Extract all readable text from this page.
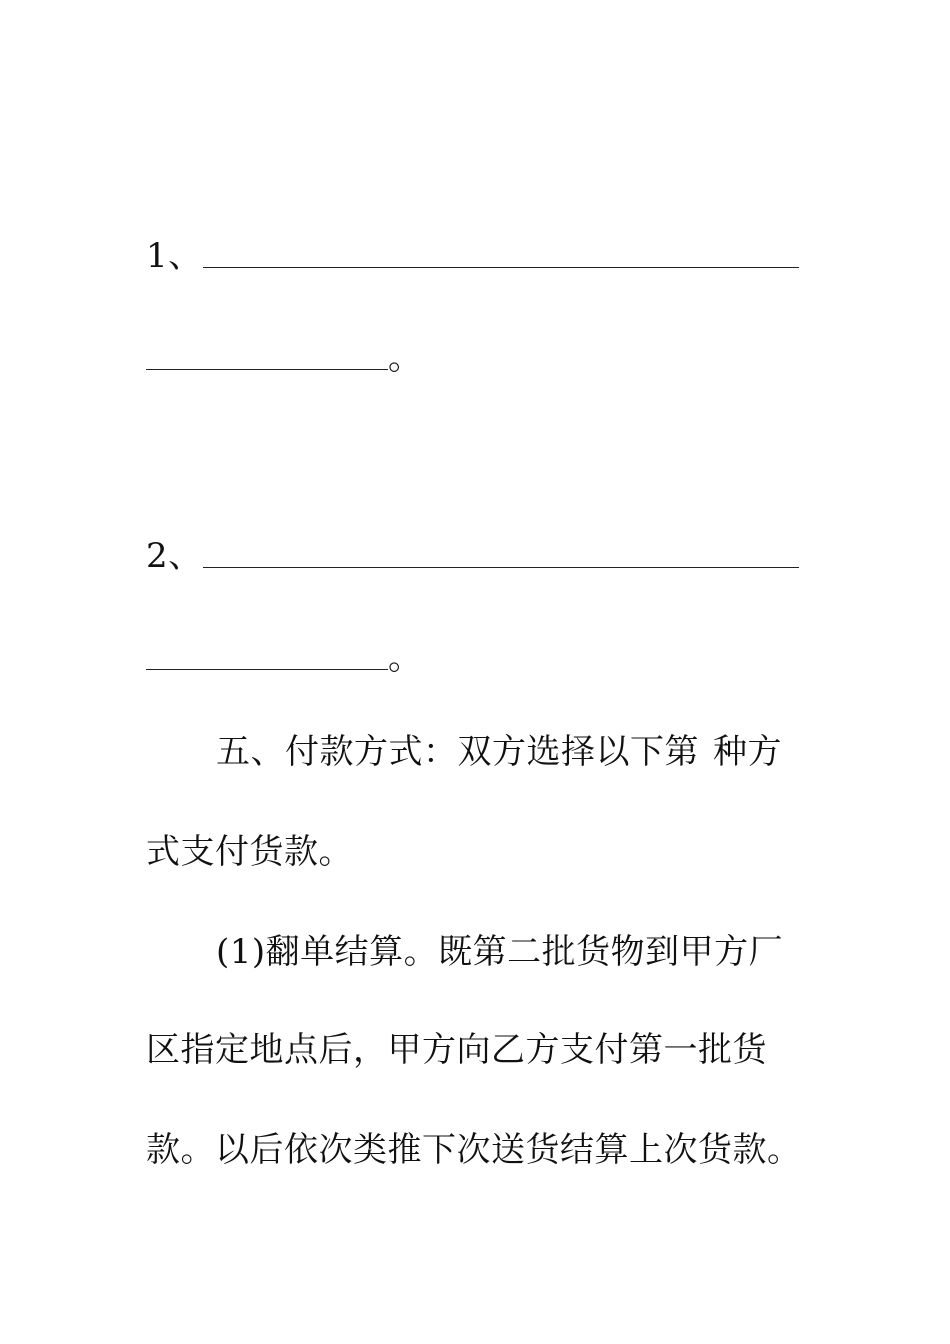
1、
。
2、
。
五、付款方式：双方选择以下第 种方
式支付货款。
(1)翻单结算。既第二批货物到甲方厂
区指定地点后，甲方向乙方支付第一批货
款。以后依次类推下次送货结算上次货款。
